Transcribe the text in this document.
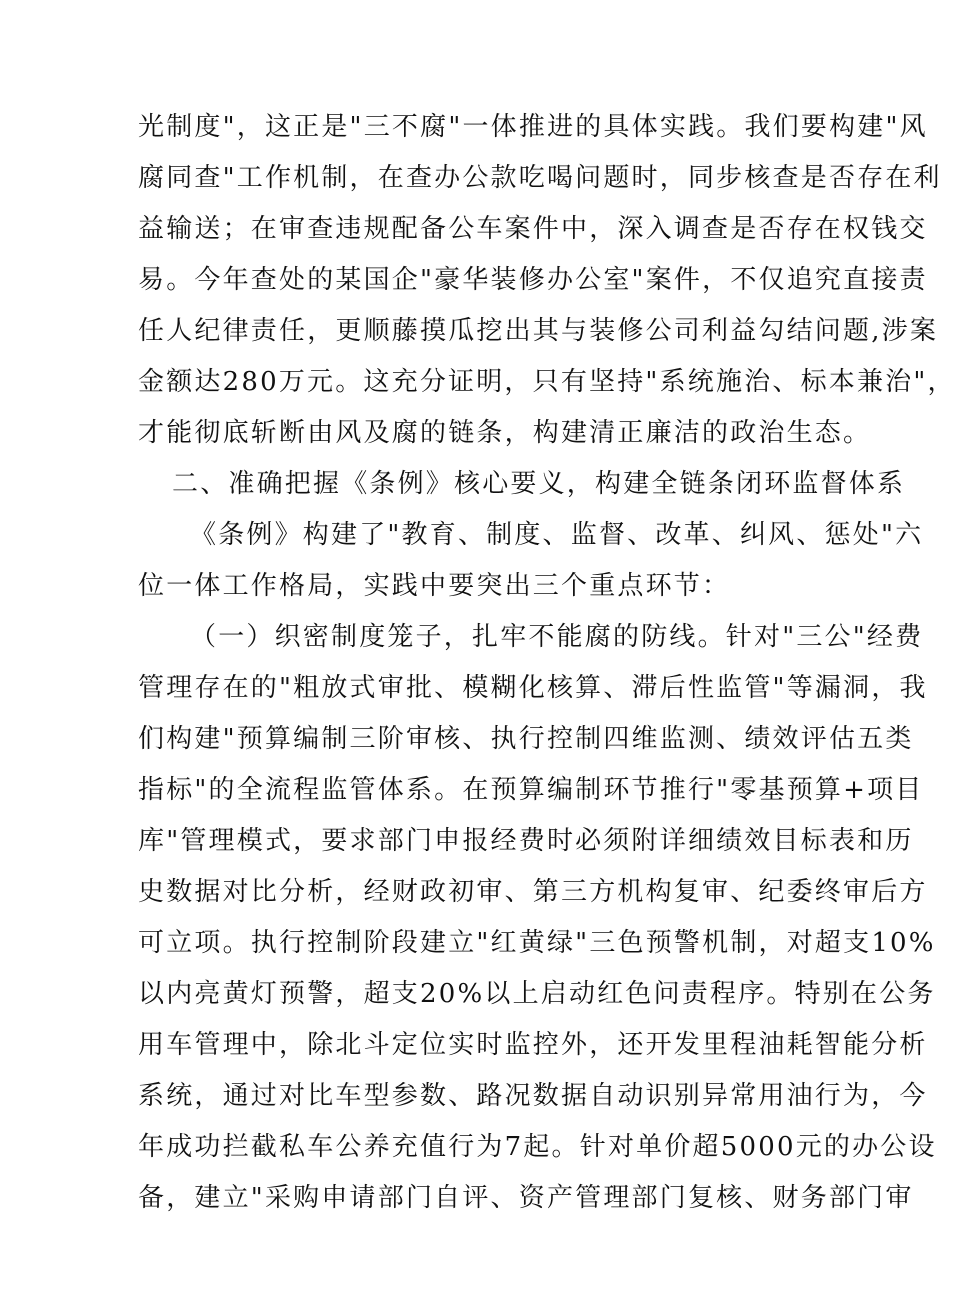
光制度"，这正是"三不腐"一体推进的具体实践。我们要构建"风
腐同查"工作机制，在查办公款吃喝问题时，同步核查是否存在利
益输送；在审查违规配备公车案件中，深入调查是否存在权钱交
易。今年查处的某国企"豪华装修办公室"案件，不仅追究直接责
任人纪律责任，更顺藤摸瓜挖出其与装修公司利益勾结问题,涉案
金额达280万元。这充分证明，只有坚持"系统施治、标本兼治"，
才能彻底斩断由风及腐的链条，构建清正廉洁的政治生态。
二、准确把握《条例》核心要义，构建全链条闭环监督体系
《条例》构建了"教育、制度、监督、改革、纠风、惩处"六
位一体工作格局，实践中要突出三个重点环节：
（一）织密制度笼子，扎牢不能腐的防线。针对"三公"经费
管理存在的"粗放式审批、模糊化核算、滞后性监管"等漏洞，我
们构建"预算编制三阶审核、执行控制四维监测、绩效评估五类
指标"的全流程监管体系。在预算编制环节推行"零基预算+项目
库"管理模式，要求部门申报经费时必须附详细绩效目标表和历
史数据对比分析，经财政初审、第三方机构复审、纪委终审后方
可立项。执行控制阶段建立"红黄绿"三色预警机制，对超支10%
以内亮黄灯预警，超支20%以上启动红色问责程序。特别在公务
用车管理中，除北斗定位实时监控外，还开发里程油耗智能分析
系统，通过对比车型参数、路况数据自动识别异常用油行为，今
年成功拦截私车公养充值行为7起。针对单价超5000元的办公设
备，建立"采购申请部门自评、资产管理部门复核、财务部门审
